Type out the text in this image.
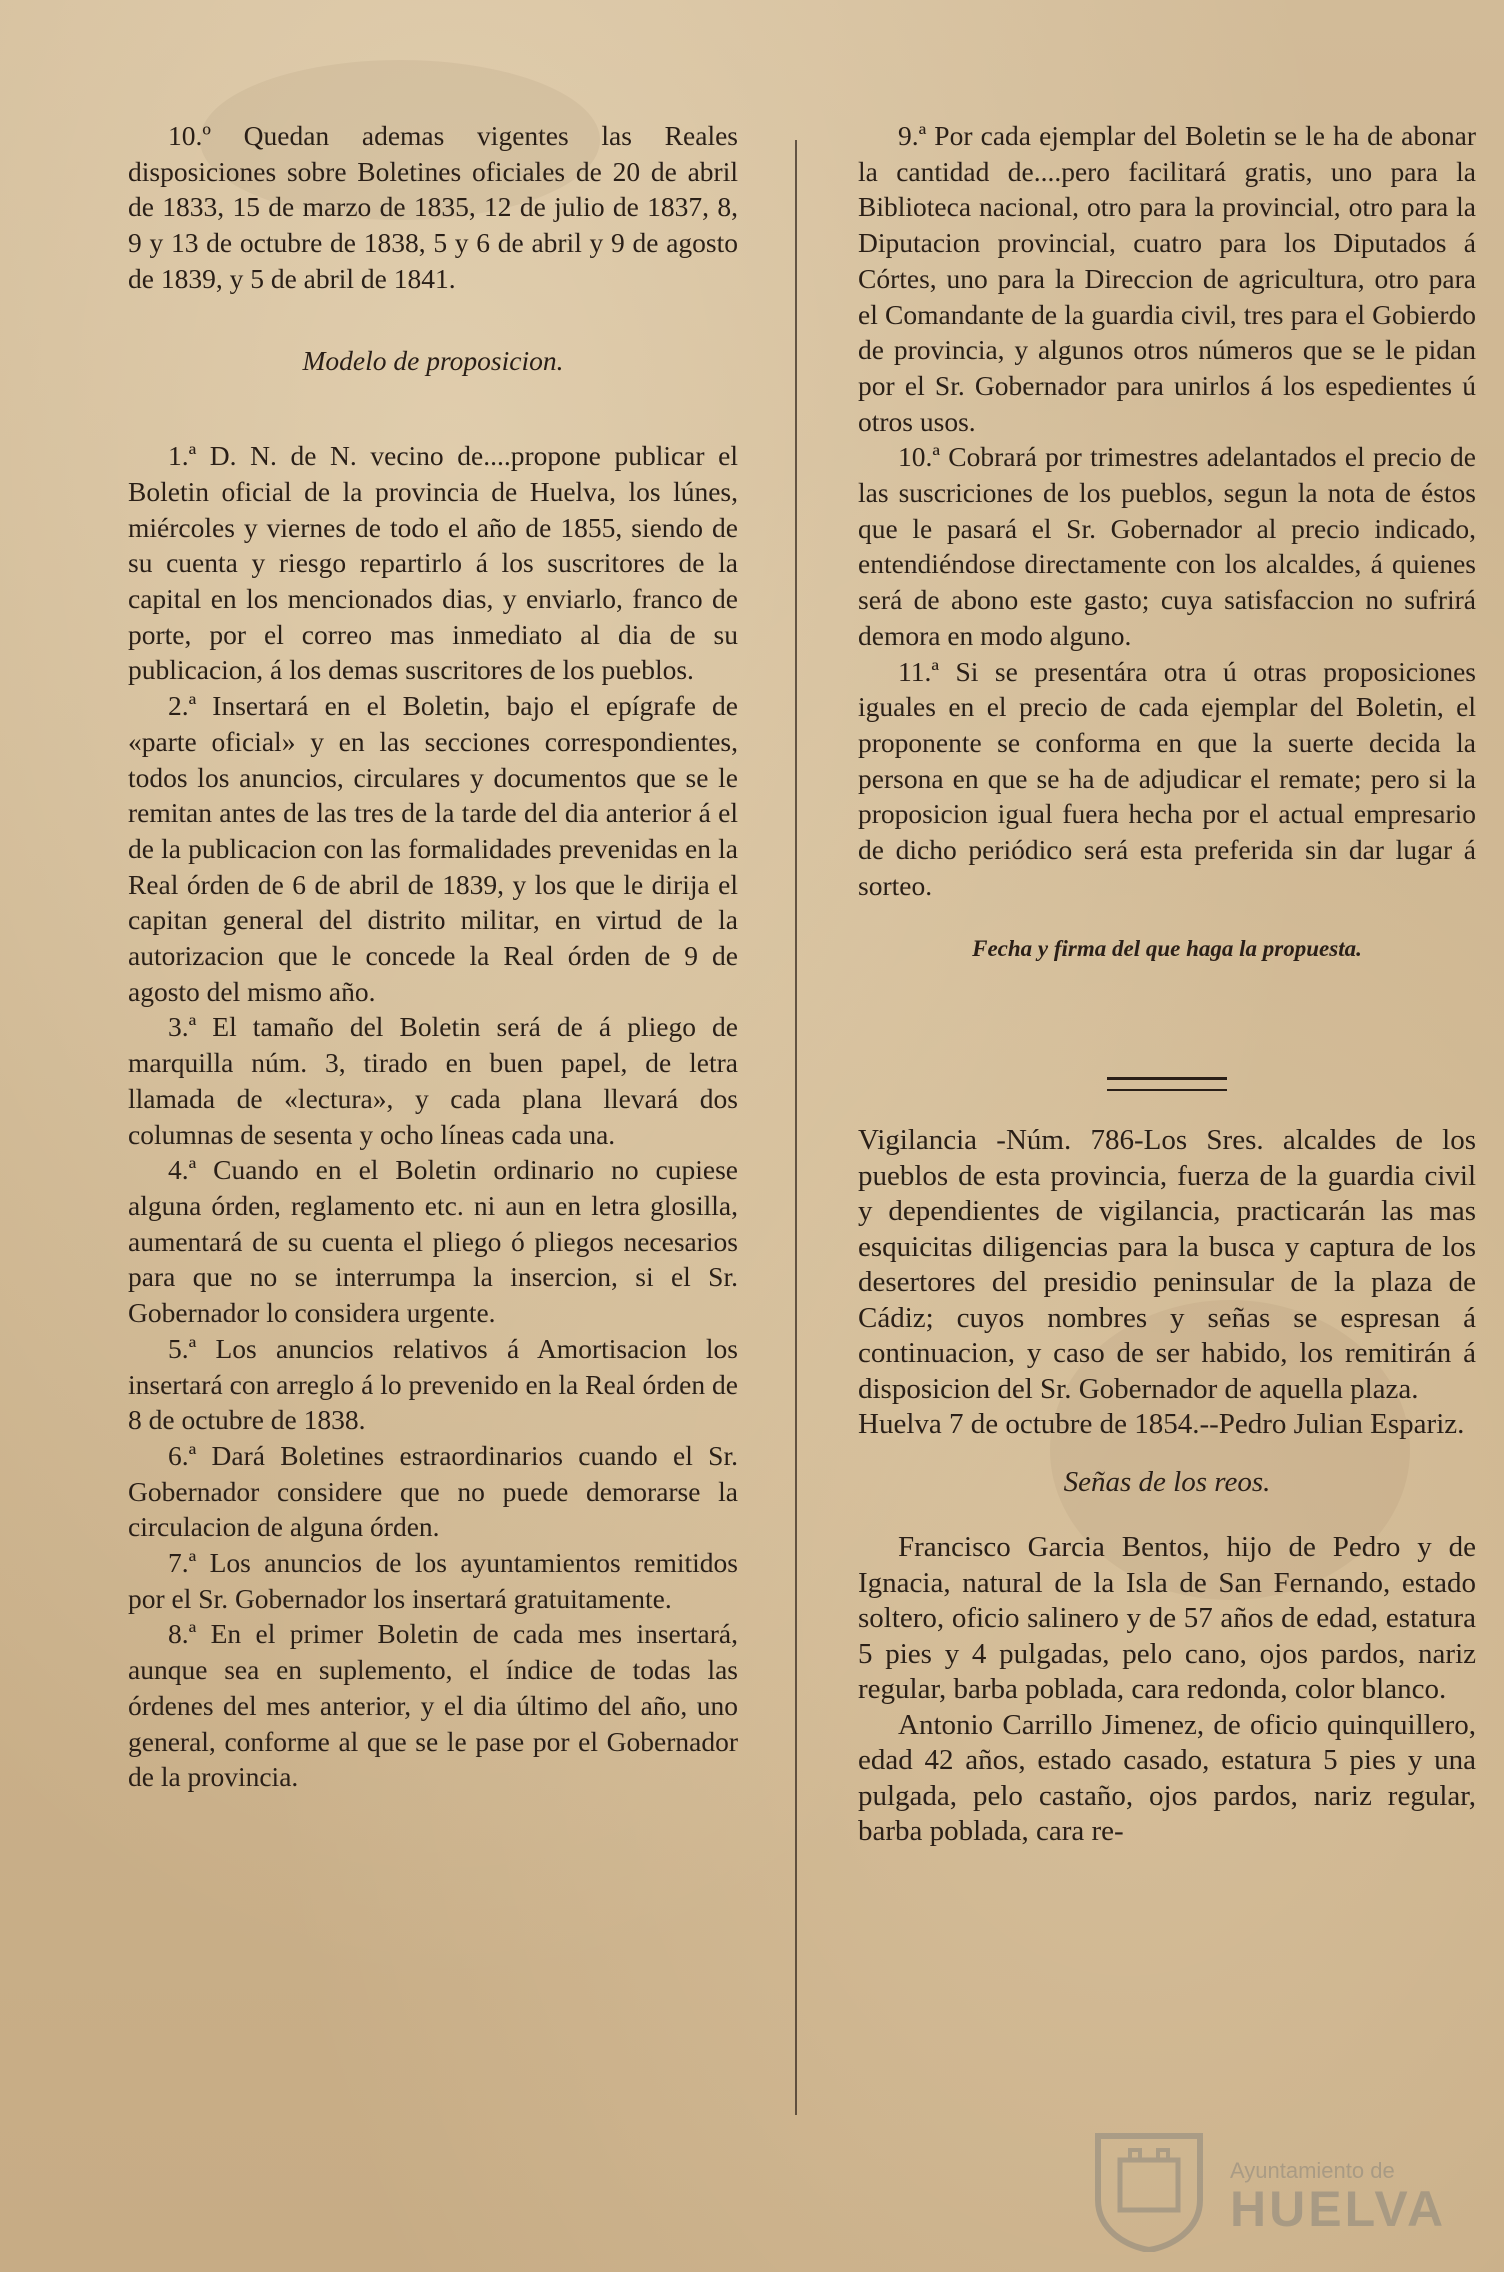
10.º Quedan ademas vigentes las Reales disposiciones sobre Boletines oficiales de 20 de abril de 1833, 15 de marzo de 1835, 12 de julio de 1837, 8, 9 y 13 de octubre de 1838, 5 y 6 de abril y 9 de agosto de 1839, y 5 de abril de 1841.

Modelo de proposicion.

1.ª D. N. de N. vecino de....propone publicar el Boletin oficial de la provincia de Huelva, los lúnes, miércoles y viernes de todo el año de 1855, siendo de su cuenta y riesgo repartirlo á los suscritores de la capital en los mencionados dias, y enviarlo, franco de porte, por el correo mas inmediato al dia de su publicacion, á los demas suscritores de los pueblos.

2.ª Insertará en el Boletin, bajo el epígrafe de «parte oficial» y en las secciones correspondientes, todos los anuncios, circulares y documentos que se le remitan antes de las tres de la tarde del dia anterior á el de la publicacion con las formalidades prevenidas en la Real órden de 6 de abril de 1839, y los que le dirija el capitan general del distrito militar, en virtud de la autorizacion que le concede la Real órden de 9 de agosto del mismo año.

3.ª El tamaño del Boletin será de á pliego de marquilla núm. 3, tirado en buen papel, de letra llamada de «lectura», y cada plana llevará dos columnas de sesenta y ocho líneas cada una.

4.ª Cuando en el Boletin ordinario no cupiese alguna órden, reglamento etc. ni aun en letra glosilla, aumentará de su cuenta el pliego ó pliegos necesarios para que no se interrumpa la insercion, si el Sr. Gobernador lo considera urgente.

5.ª Los anuncios relativos á Amortisacion los insertará con arreglo á lo prevenido en la Real órden de 8 de octubre de 1838.

6.ª Dará Boletines estraordinarios cuando el Sr. Gobernador considere que no puede demorarse la circulacion de alguna órden.

7.ª Los anuncios de los ayuntamientos remitidos por el Sr. Gobernador los insertará gratuitamente.

8.ª En el primer Boletin de cada mes insertará, aunque sea en suplemento, el índice de todas las órdenes del mes anterior, y el dia último del año, uno general, conforme al que se le pase por el Gobernador de la provincia.

9.ª Por cada ejemplar del Boletin se le ha de abonar la cantidad de....pero facilitará gratis, uno para la Biblioteca nacional, otro para la provincial, otro para la Diputacion provincial, cuatro para los Diputados á Córtes, uno para la Direccion de agricultura, otro para el Comandante de la guardia civil, tres para el Gobierdo de provincia, y algunos otros números que se le pidan por el Sr. Gobernador para unirlos á los espedientes ú otros usos.

10.ª Cobrará por trimestres adelantados el precio de las suscriciones de los pueblos, segun la nota de éstos que le pasará el Sr. Gobernador al precio indicado, entendiéndose directamente con los alcaldes, á quienes será de abono este gasto; cuya satisfaccion no sufrirá demora en modo alguno.

11.ª Si se presentára otra ú otras proposiciones iguales en el precio de cada ejemplar del Boletin, el proponente se conforma en que la suerte decida la persona en que se ha de adjudicar el remate; pero si la proposicion igual fuera hecha por el actual empresario de dicho periódico será esta preferida sin dar lugar á sorteo.

Fecha y firma del que haga la propuesta.

Vigilancia -Núm. 786-Los Sres. alcaldes de los pueblos de esta provincia, fuerza de la guardia civil y dependientes de vigilancia, practicarán las mas esquicitas diligencias para la busca y captura de los desertores del presidio peninsular de la plaza de Cádiz; cuyos nombres y señas se espresan á continuacion, y caso de ser habido, los remitirán á disposicion del Sr. Gobernador de aquella plaza.

Huelva 7 de octubre de 1854.--Pedro Julian Espariz.

Señas de los reos.

Francisco Garcia Bentos, hijo de Pedro y de Ignacia, natural de la Isla de San Fernando, estado soltero, oficio salinero y de 57 años de edad, estatura 5 pies y 4 pulgadas, pelo cano, ojos pardos, nariz regular, barba poblada, cara redonda, color blanco.

Antonio Carrillo Jimenez, de oficio quinquillero, edad 42 años, estado casado, estatura 5 pies y una pulgada, pelo castaño, ojos pardos, nariz regular, barba poblada, cara re-

Ayuntamiento de
HUELVA
